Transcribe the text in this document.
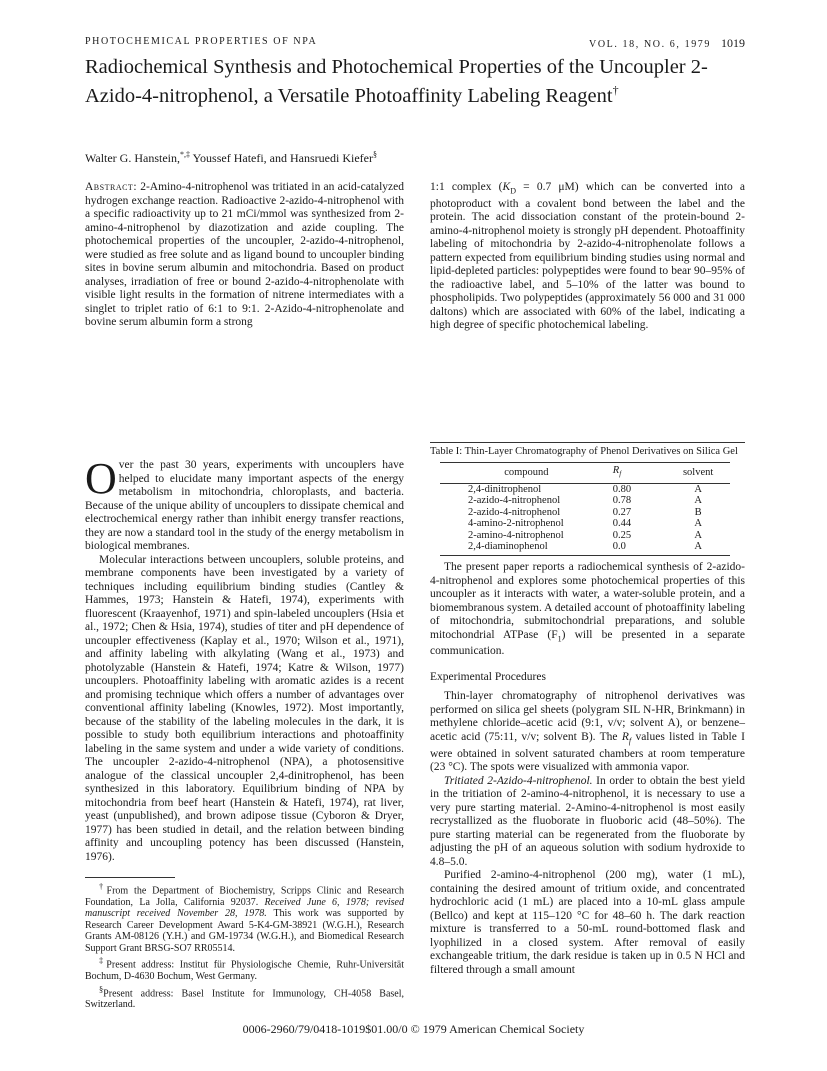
PHOTOCHEMICAL PROPERTIES OF NPA	VOL. 18, NO. 6, 1979 1019
Radiochemical Synthesis and Photochemical Properties of the Uncoupler 2-Azido-4-nitrophenol, a Versatile Photoaffinity Labeling Reagent†
Walter G. Hanstein,*,‡ Youssef Hatefi, and Hansruedi Kiefer§

Abstract: 2-Amino-4-nitrophenol was tritiated in an acid-catalyzed hydrogen exchange reaction. Radioactive 2-azido-4-nitrophenol with a specific radioactivity up to 21 mCi/mmol was synthesized from 2-amino-4-nitrophenol by diazotization and azide coupling. The photochemical properties of the uncoupler, 2-azido-4-nitrophenol, were studied as free solute and as ligand bound to uncoupler binding sites in bovine serum albumin and mitochondria. Based on product analyses, irradiation of free or bound 2-azido-4-nitrophenolate with visible light results in the formation of nitrene intermediates with a singlet to triplet ratio of 6:1 to 9:1. 2-Azido-4-nitrophenolate and bovine serum albumin form a strong

1:1 complex ($K_D = 0.7$ μM) which can be converted into a photoproduct with a covalent bond between the label and the protein. The acid dissociation constant of the protein-bound 2-amino-4-nitrophenol moiety is strongly pH dependent. Photoaffinity labeling of mitochondria by 2-azido-4-nitrophenolate follows a pattern expected from equilibrium binding studies using normal and lipid-depleted particles: polypeptides were found to bear 90–95% of the radioactive label, and 5–10% of the latter was bound to phospholipids. Two polypeptides (approximately 56 000 and 31 000 daltons) which are associated with 60% of the label, indicating a high degree of specific photochemical labeling.

Over the past 30 years, experiments with uncouplers have helped to elucidate many important aspects of the energy metabolism in mitochondria, chloroplasts, and bacteria. Because of the unique ability of uncouplers to dissipate chemical and electrochemical energy rather than inhibit energy transfer reactions, they are now a standard tool in the study of the energy metabolism in biological membranes.

Molecular interactions between uncouplers, soluble proteins, and membrane components have been investigated by a variety of techniques including equilibrium binding studies (Cantley & Hammes, 1973; Hanstein & Hatefi, 1974), experiments with fluorescent (Kraayenhof, 1971) and spin-labeled uncouplers (Hsia et al., 1972; Chen & Hsia, 1974), studies of titer and pH dependence of uncoupler effectiveness (Kaplay et al., 1970; Wilson et al., 1971), and affinity labeling with alkylating (Wang et al., 1973) and photolyzable (Hanstein & Hatefi, 1974; Katre & Wilson, 1977) uncouplers. Photoaffinity labeling with aromatic azides is a recent and promising technique which offers a number of advantages over conventional affinity labeling (Knowles, 1972). Most importantly, because of the stability of the labeling molecules in the dark, it is possible to study both equilibrium interactions and photoaffinity labeling in the same system and under a wide variety of conditions. The uncoupler 2-azido-4-nitrophenol (NPA), a photosensitive analogue of the classical uncoupler 2,4-dinitrophenol, has been synthesized in this laboratory. Equilibrium binding of NPA by mitochondria from beef heart (Hanstein & Hatefi, 1974), rat liver, yeast (unpublished), and brown adipose tissue (Cyboron & Dryer, 1977) has been studied in detail, and the relation between binding affinity and uncoupling potency has been discussed (Hanstein, 1976).

†From the Department of Biochemistry, Scripps Clinic and Research Foundation, La Jolla, California 92037. Received June 6, 1978; revised manuscript received November 28, 1978. This work was supported by Research Career Development Award 5-K4-GM-38921 (W.G.H.), Research Grants AM-08126 (Y.H.) and GM-19734 (W.G.H.), and Biomedical Research Support Grant BRSG-SO7 RR05514.

‡Present address: Institut für Physiologische Chemie, Ruhr-Universität Bochum, D-4630 Bochum, West Germany.

§Present address: Basel Institute for Immunology, CH-4058 Basel, Switzerland.

Table I: Thin-Layer Chromatography of Phenol Derivatives on Silica Gel
compound	$R_f$	solvent
2,4-dinitrophenol	0.80	A
2-azido-4-nitrophenol	0.78	A
2-azido-4-nitrophenol	0.27	B
4-amino-2-nitrophenol	0.44	A
2-amino-4-nitrophenol	0.25	A
2,4-diaminophenol	0.0	A

The present paper reports a radiochemical synthesis of 2-azido-4-nitrophenol and explores some photochemical properties of this uncoupler as it interacts with water, a water-soluble protein, and a biomembranous system. A detailed account of photoaffinity labeling of mitochondria, submitochondrial preparations, and soluble mitochondrial ATPase $(F_1)$ will be presented in a separate communication.

Experimental Procedures

Thin-layer chromatography of nitrophenol derivatives was performed on silica gel sheets (polygram SIL N-HR, Brinkmann) in methylene chloride–acetic acid (9:1, v/v; solvent A), or benzene–acetic acid (75:11, v/v; solvent B). The $R_f$ values listed in Table I were obtained in solvent saturated chambers at room temperature (23 °C). The spots were visualized with ammonia vapor.

Tritiated 2-Azido-4-nitrophenol. In order to obtain the best yield in the tritiation of 2-amino-4-nitrophenol, it is necessary to use a very pure starting material. 2-Amino-4-nitrophenol is most easily recrystallized as the fluoborate in fluoboric acid (48–50%). The pure starting material can be regenerated from the fluoborate by adjusting the pH of an aqueous solution with sodium hydroxide to 4.8–5.0.

Purified 2-amino-4-nitrophenol (200 mg), water (1 mL), containing the desired amount of tritium oxide, and concentrated hydrochloric acid (1 mL) are placed into a 10-mL glass ampule (Bellco) and kept at 115–120 °C for 48–60 h. The dark reaction mixture is transferred to a 50-mL round-bottomed flask and lyophilized in a closed system. After removal of easily exchangeable tritium, the dark residue is taken up in 0.5 N HCl and filtered through a small amount

0006-2960/79/0418-1019$01.00/0 © 1979 American Chemical Society
